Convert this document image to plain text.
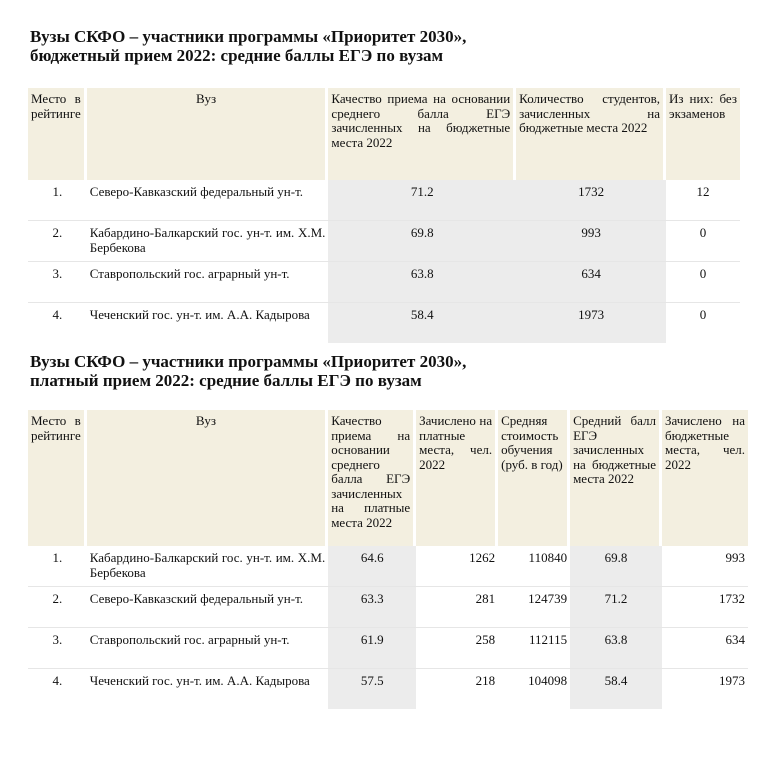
Вузы СКФО – участники программы «Приоритет 2030»,
бюджетный прием 2022: средние баллы ЕГЭ по вузам
Место в рейтинге	Вуз	Качество приема на основании среднего балла ЕГЭ зачисленных на бюджетные места 2022	Количество студентов, зачисленных на бюджетные места 2022	Из них: без экзаменов
1.	Северо-Кавказский федеральный ун-т.	71.2	1732	12
2.	Кабардино-Балкарский гос. ун-т. им. Х.М. Бербекова	69.8	993	0
3.	Ставропольский гос. аграрный ун-т.	63.8	634	0
4.	Чеченский гос. ун-т. им. А.А. Кадырова	58.4	1973	0
Вузы СКФО – участники программы «Приоритет 2030»,
платный прием 2022: средние баллы ЕГЭ по вузам
Место в рейтинге	Вуз	Качество приема на основании среднего балла ЕГЭ зачисленных на платные места 2022	Зачислено на платные места, чел. 2022	Средняя стоимость обучения (руб. в год)	Средний балл ЕГЭ зачисленных на бюджетные места 2022	Зачислено на бюджетные места, чел. 2022
1.	Кабардино-Балкарский гос. ун-т. им. Х.М. Бербекова	64.6	1262	110840	69.8	993
2.	Северо-Кавказский федеральный ун-т.	63.3	281	124739	71.2	1732
3.	Ставропольский гос. аграрный ун-т.	61.9	258	112115	63.8	634
4.	Чеченский гос. ун-т. им. А.А. Кадырова	57.5	218	104098	58.4	1973
